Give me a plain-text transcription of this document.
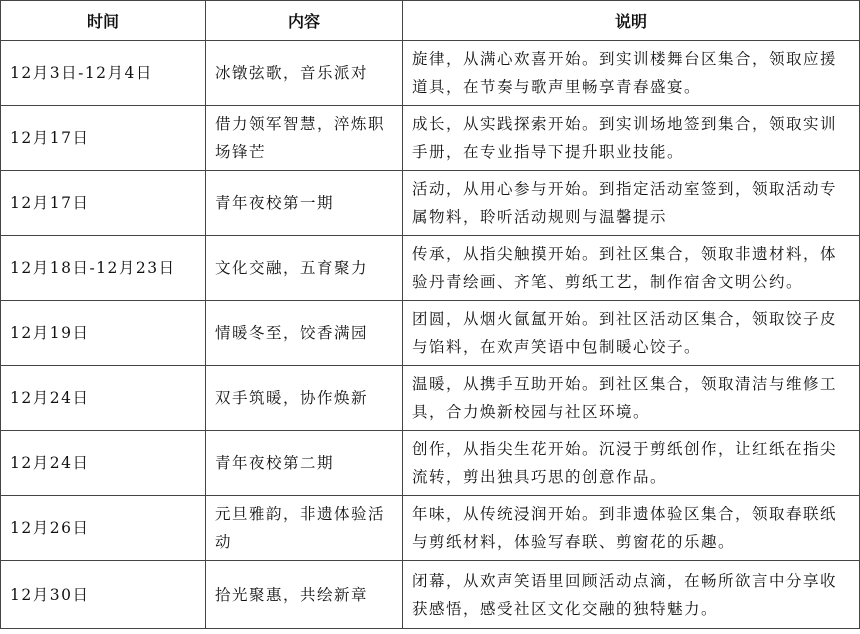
时间	内容	说明
12月3日-12月4日	冰镦弦歌，音乐派对	旋律，从满心欢喜开始。到实训楼舞台区集合，领取应援道具，在节奏与歌声里畅享青春盛宴。
12月17日	借力领军智慧，淬炼职场锋芒	成长，从实践探索开始。到实训场地签到集合，领取实训手册，在专业指导下提升职业技能。
12月17日	青年夜校第一期	活动，从用心参与开始。到指定活动室签到，领取活动专属物料，聆听活动规则与温馨提示
12月18日-12月23日	文化交融，五育聚力	传承，从指尖触摸开始。到社区集合，领取非遗材料，体验丹青绘画、齐笔、剪纸工艺，制作宿舍文明公约。
12月19日	情暖冬至，饺香满园	团圆，从烟火氤氲开始。到社区活动区集合，领取饺子皮与馅料，在欢声笑语中包制暖心饺子。
12月24日	双手筑暖，协作焕新	温暖，从携手互助开始。到社区集合，领取清洁与维修工具，合力焕新校园与社区环境。
12月24日	青年夜校第二期	创作，从指尖生花开始。沉浸于剪纸创作，让红纸在指尖流转，剪出独具巧思的创意作品。
12月26日	元旦雅韵，非遗体验活动	年味，从传统浸润开始。到非遗体验区集合，领取春联纸与剪纸材料，体验写春联、剪窗花的乐趣。
12月30日	拾光聚惠，共绘新章	闭幕，从欢声笑语里回顾活动点滴，在畅所欲言中分享收获感悟，感受社区文化交融的独特魅力。
